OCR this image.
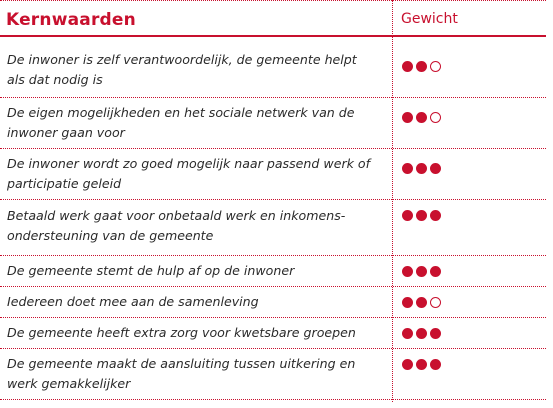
Kernwaarden	Gewicht
De inwoner is zelf verantwoordelijk, de gemeente helpt
als dat nodig is
De eigen mogelijkheden en het sociale netwerk van de
inwoner gaan voor
De inwoner wordt zo goed mogelijk naar passend werk of
participatie geleid
Betaald werk gaat voor onbetaald werk en inkomens-
ondersteuning van de gemeente
De gemeente stemt de hulp af op de inwoner
Iedereen doet mee aan de samenleving
De gemeente heeft extra zorg voor kwetsbare groepen
De gemeente maakt de aansluiting tussen uitkering en
werk gemakkelijker
